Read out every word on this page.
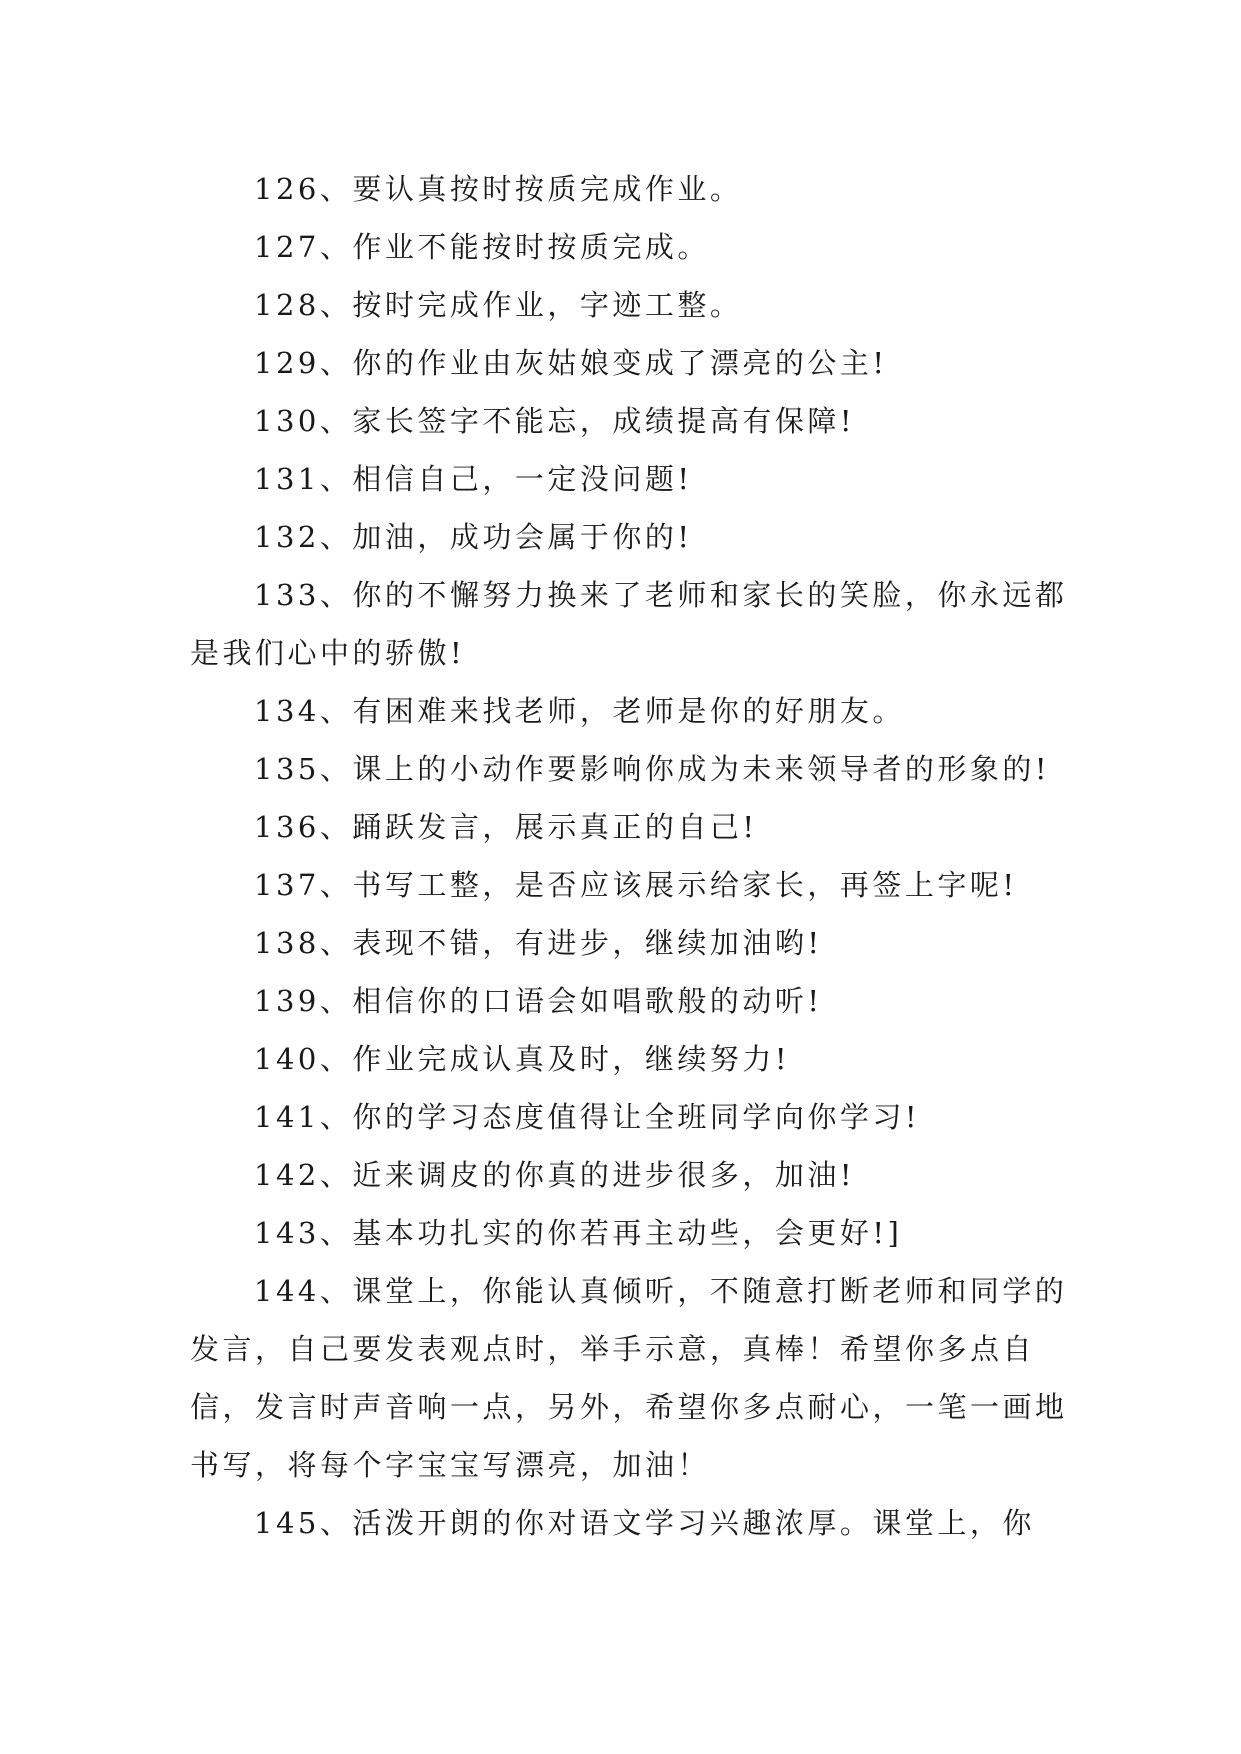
126、要认真按时按质完成作业。

127、作业不能按时按质完成。

128、按时完成作业，字迹工整。

129、你的作业由灰姑娘变成了漂亮的公主!

130、家长签字不能忘，成绩提高有保障!

131、相信自己，一定没问题!

132、加油，成功会属于你的!

133、你的不懈努力换来了老师和家长的笑脸，你永远都是我们心中的骄傲!

134、有困难来找老师，老师是你的好朋友。

135、课上的小动作要影响你成为未来领导者的形象的!

136、踊跃发言，展示真正的自己!

137、书写工整，是否应该展示给家长，再签上字呢!

138、表现不错，有进步，继续加油哟!

139、相信你的口语会如唱歌般的动听!

140、作业完成认真及时，继续努力!

141、你的学习态度值得让全班同学向你学习!

142、近来调皮的你真的进步很多，加油!

143、基本功扎实的你若再主动些，会更好!]

144、课堂上，你能认真倾听，不随意打断老师和同学的发言，自己要发表观点时，举手示意，真棒！希望你多点自信，发言时声音响一点，另外，希望你多点耐心，一笔一画地书写，将每个字宝宝写漂亮，加油！

145、活泼开朗的你对语文学习兴趣浓厚。课堂上，你
